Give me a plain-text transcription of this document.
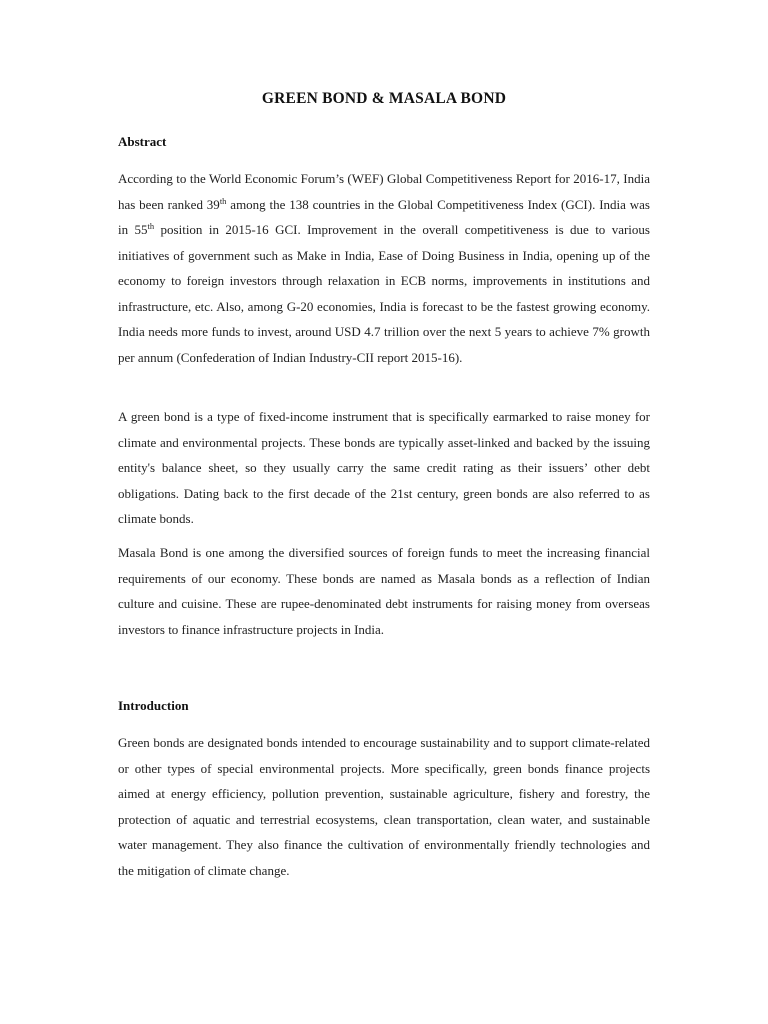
GREEN BOND & MASALA BOND
Abstract
According to the World Economic Forum’s (WEF) Global Competitiveness Report for 2016-17, India has been ranked 39th among the 138 countries in the Global Competitiveness Index (GCI). India was in 55th position in 2015-16 GCI. Improvement in the overall competitiveness is due to various initiatives of government such as Make in India, Ease of Doing Business in India, opening up of the economy to foreign investors through relaxation in ECB norms, improvements in institutions and infrastructure, etc. Also, among G-20 economies, India is forecast to be the fastest growing economy. India needs more funds to invest, around USD 4.7 trillion over the next 5 years to achieve 7% growth per annum (Confederation of Indian Industry-CII report 2015-16).
A green bond is a type of fixed-income instrument that is specifically earmarked to raise money for climate and environmental projects. These bonds are typically asset-linked and backed by the issuing entity's balance sheet, so they usually carry the same credit rating as their issuers’ other debt obligations. Dating back to the first decade of the 21st century, green bonds are also referred to as climate bonds.
Masala Bond is one among the diversified sources of foreign funds to meet the increasing financial requirements of our economy. These bonds are named as Masala bonds as a reflection of Indian culture and cuisine. These are rupee-denominated debt instruments for raising money from overseas investors to finance infrastructure projects in India.
Introduction
Green bonds are designated bonds intended to encourage sustainability and to support climate-related or other types of special environmental projects. More specifically, green bonds finance projects aimed at energy efficiency, pollution prevention, sustainable agriculture, fishery and forestry, the protection of aquatic and terrestrial ecosystems, clean transportation, clean water, and sustainable water management. They also finance the cultivation of environmentally friendly technologies and the mitigation of climate change.
